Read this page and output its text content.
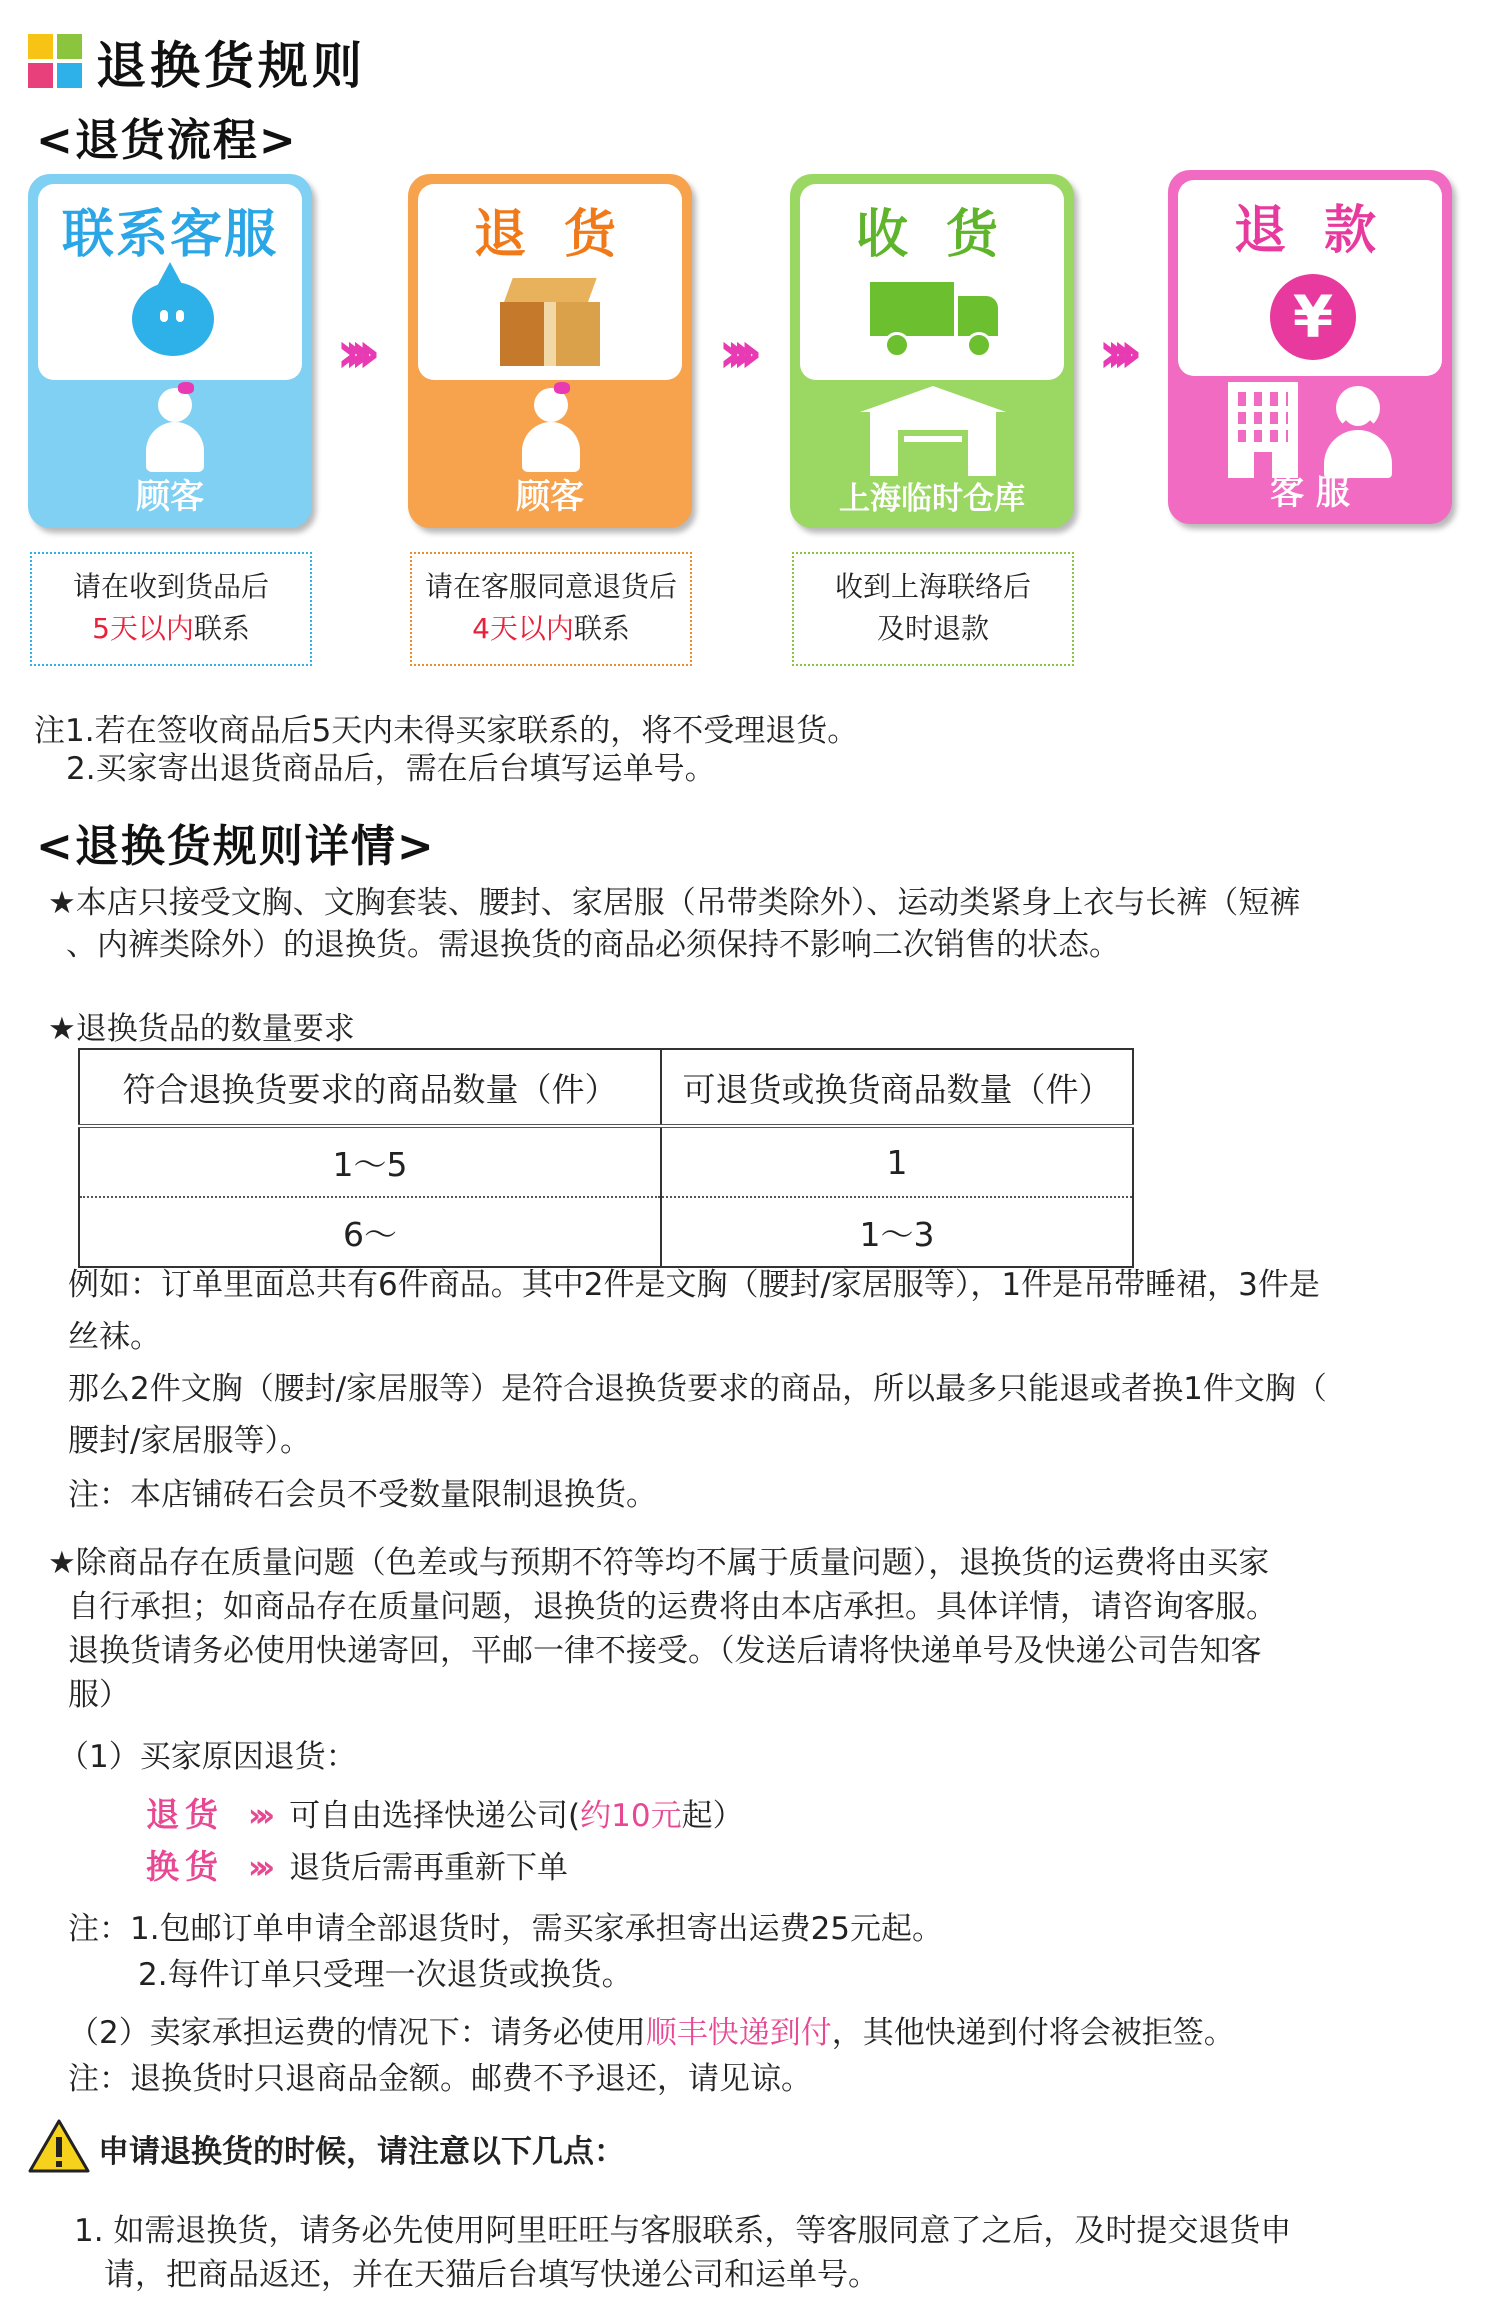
退换货规则
<退货流程>
联系客服
顾客
请在收到货品后
5天以内联系
»»
退 货
顾客
请在客服同意退货后
4天以内联系
»»
收 货
上海临时仓库
收到上海联络后
及时退款
»»
退 款
¥
客 服
注1.若在签收商品后5天内未得买家联系的，将不受理退货。
2.买家寄出退货商品后，需在后台填写运单号。
<退换货规则详情>
★本店只接受文胸、文胸套装、腰封、家居服（吊带类除外）、运动类紧身上衣与长裤（短裤
、内裤类除外）的退换货。需退换货的商品必须保持不影响二次销售的状态。
★退换货品的数量要求
符合退换货要求的商品数量（件）	可退货或换货商品数量（件）
1～5	1
6～	1～3
例如：订单里面总共有6件商品。其中2件是文胸（腰封/家居服等），1件是吊带睡裙，3件是
丝袜。
那么2件文胸（腰封/家居服等）是符合退换货要求的商品，所以最多只能退或者换1件文胸（
腰封/家居服等）。
注：本店铺砖石会员不受数量限制退换货。
★除商品存在质量问题（色差或与预期不符等均不属于质量问题），退换货的运费将由买家
自行承担；如商品存在质量问题，退换货的运费将由本店承担。具体详情，请咨询客服。
退换货请务必使用快递寄回，平邮一律不接受。（发送后请将快递单号及快递公司告知客
服）
（1）买家原因退货：
退货 »» 可自由选择快递公司(约10元起）
换货 »» 退货后需再重新下单
注：1.包邮订单申请全部退货时，需买家承担寄出运费25元起。
2.每件订单只受理一次退货或换货。
（2）卖家承担运费的情况下：请务必使用顺丰快递到付，其他快递到付将会被拒签。
注：退换货时只退商品金额。邮费不予退还，请见谅。
申请退换货的时候，请注意以下几点：
1. 如需退换货，请务必先使用阿里旺旺与客服联系，等客服同意了之后，及时提交退货申
请，把商品返还，并在天猫后台填写快递公司和运单号。
